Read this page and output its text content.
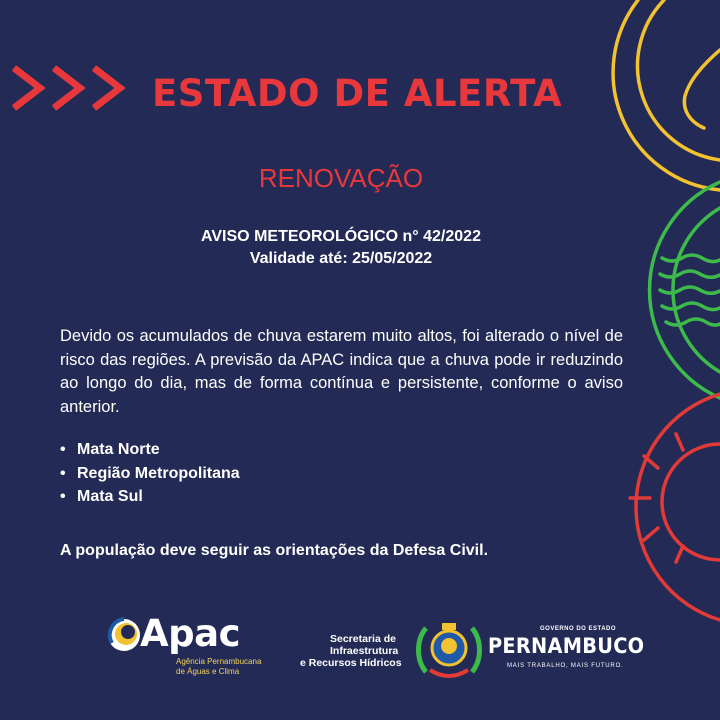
ESTADO DE ALERTA
RENOVAÇÃO
AVISO METEOROLÓGICO n° 42/2022
Validade até: 25/05/2022
Devido os acumulados de chuva estarem muito altos, foi alterado o nível de risco das regiões. A previsão da APAC indica que a chuva pode ir reduzindo ao longo do dia, mas de forma contínua e persistente, conforme o aviso anterior.
• Mata Norte
• Região Metropolitana
• Mata Sul
A população deve seguir as orientações da Defesa Civil.
Apac
Agência Pernambucana
de Águas e Clima
Secretaria de
Infraestrutura
e Recursos Hídricos
GOVERNO DO ESTADO
PERNAMBUCO
MAIS TRABALHO, MAIS FUTURO.
